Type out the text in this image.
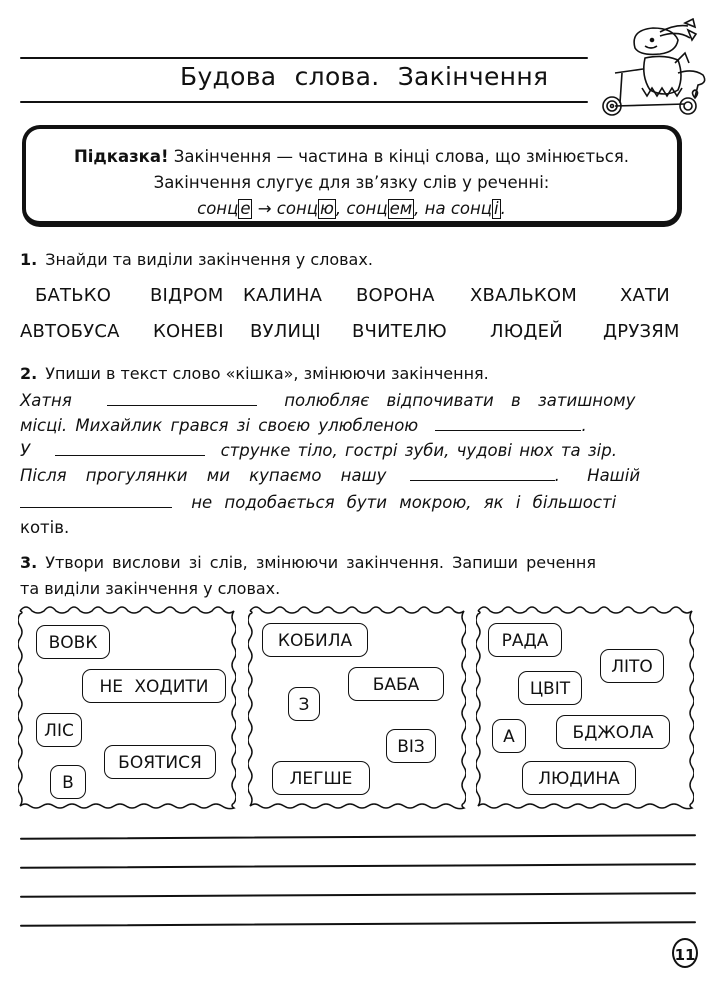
Будова слова. Закінчення
Підказка! Закінчення — частина в кінці слова, що змінюється.
Закінчення слугує для зв’язку слів у реченні:
сонц е → сонц ю , сонц ем , на сонц і .
1. Знайди та виділи закінчення у словах.
БАТЬКО ВІДРОМ КАЛИНА ВОРОНА ХВАЛЬКОМ ХАТИ
АВТОБУСА КОНЕВІ ВУЛИЦІ ВЧИТЕЛЮ ЛЮДЕЙ ДРУЗЯМ
2. Упиши в текст слово «кішка», змінюючи закінчення.
Хатня	полюбляє відпочивати в затишному
місці. Михайлик грався зі своєю улюбленою	.
У	струнке тіло, гострі зуби, чудові нюх та зір.
Після прогулянки ми купаємо нашу	. Нашій
не подобається бути мокрою, як і більшості
котів.
3. Утвори вислови зі слів, змінюючи закінчення. Запиши речення
та виділи закінчення у словах.
ВОВК
НЕ ХОДИТИ
ЛІС
БОЯТИСЯ
В
КОБИЛА
БАБА
З
ВІЗ
ЛЕГШЕ
РАДА
ЛІТО
ЦВІТ
А	БДЖОЛА
ЛЮДИНА
11
